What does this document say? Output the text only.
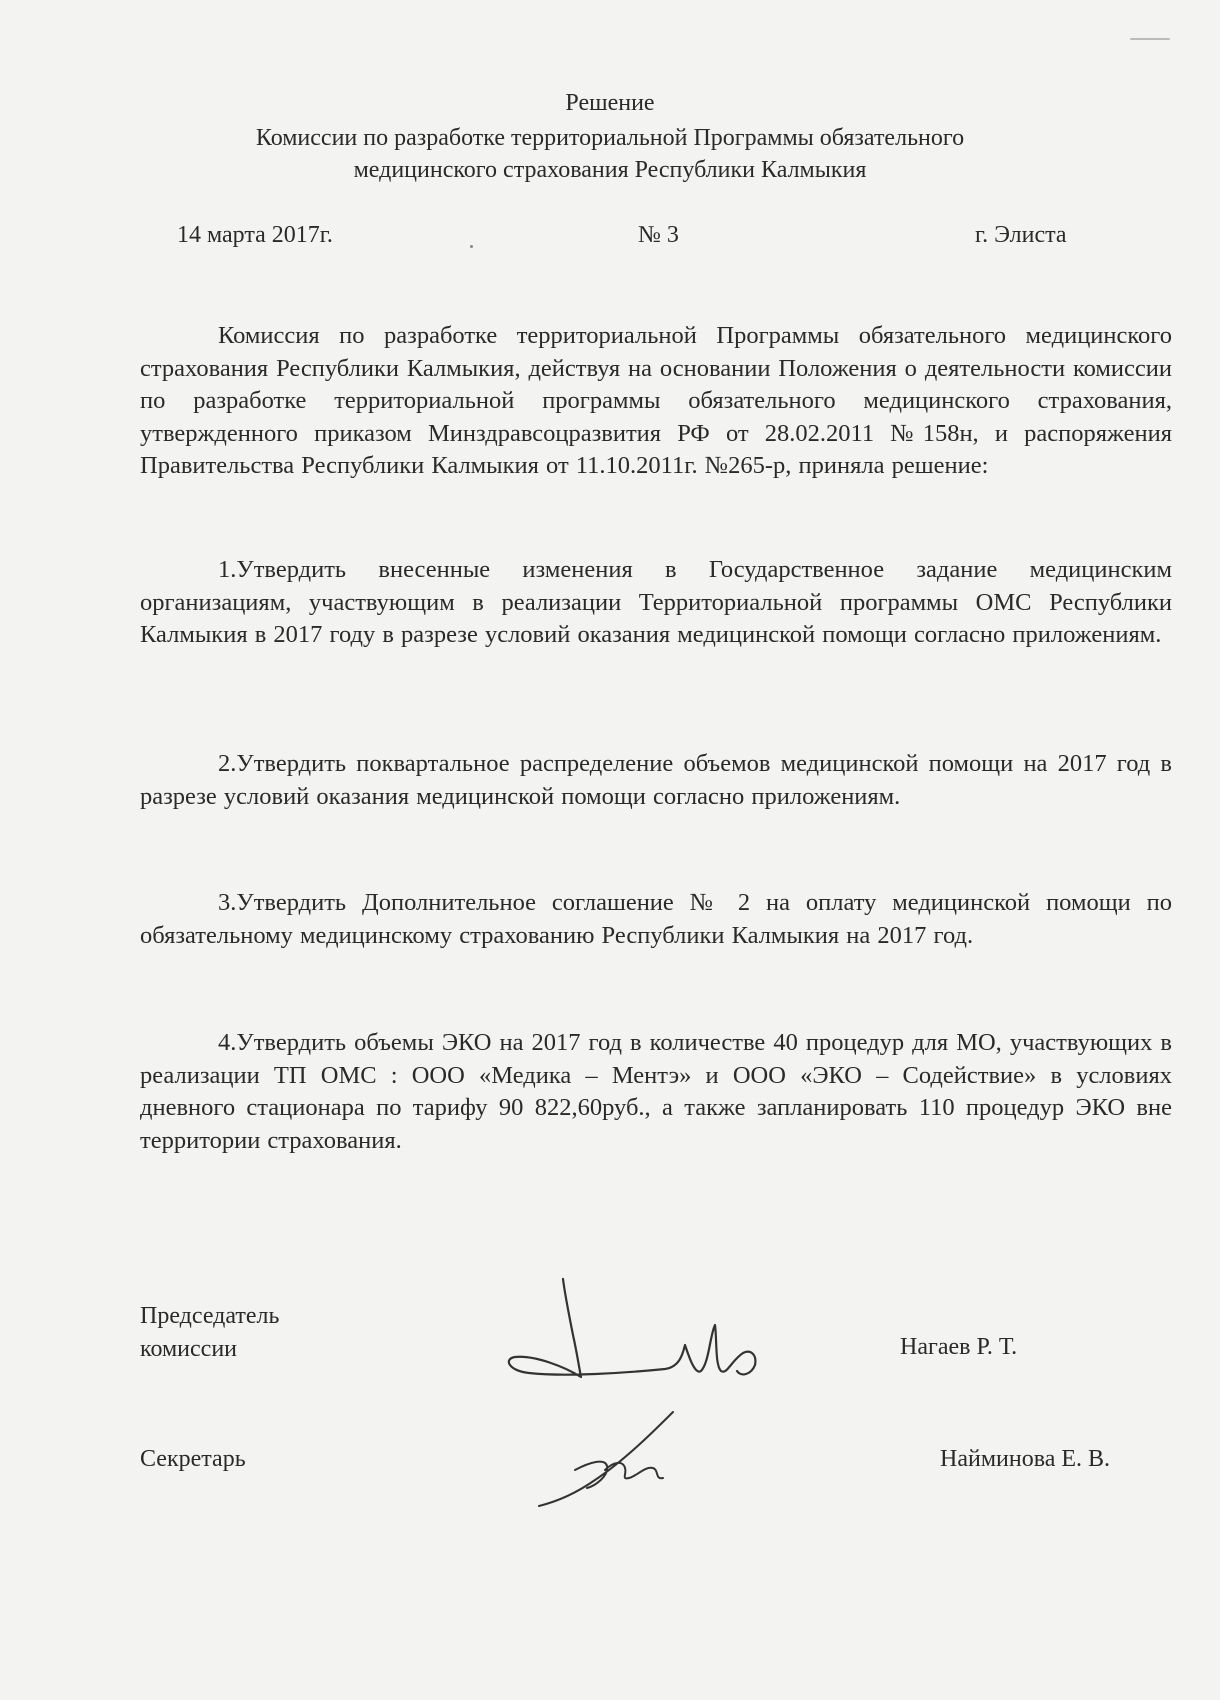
Решение
Комиссии по разработке территориальной Программы обязательного
медицинского страхования Республики Калмыкия
14 марта 2017г.	№ 3	г. Элиста
Комиссия по разработке территориальной Программы обязательного медицинского страхования Республики Калмыкия, действуя на основании Положения о деятельности комиссии по разработке территориальной программы обязательного медицинского страхования, утвержденного приказом Минздравсоцразвития РФ от 28.02.2011 №158н, и распоряжения Правительства Республики Калмыкия от 11.10.2011г. №265-р, приняла решение:
1.Утвердить внесенные изменения в Государственное задание медицинским организациям, участвующим в реализации Территориальной программы ОМС Республики Калмыкия в 2017 году в разрезе условий оказания медицинской помощи согласно приложениям.
2.Утвердить поквартальное распределение объемов медицинской помощи на 2017 год в разрезе условий оказания медицинской помощи согласно приложениям.
3.Утвердить Дополнительное соглашение № 2 на оплату медицинской помощи по обязательному медицинскому страхованию Республики Калмыкия на 2017 год.
4.Утвердить объемы ЭКО на 2017 год в количестве 40 процедур для МО, участвующих в реализации ТП ОМС : ООО «Медика – Ментэ» и ООО «ЭКО – Содействие» в условиях дневного стационара по тарифу 90 822,60руб., а также запланировать 110 процедур ЭКО вне территории страхования.
Председатель
комиссии	Нагаев Р. Т.
Секретарь	Найминова Е. В.
